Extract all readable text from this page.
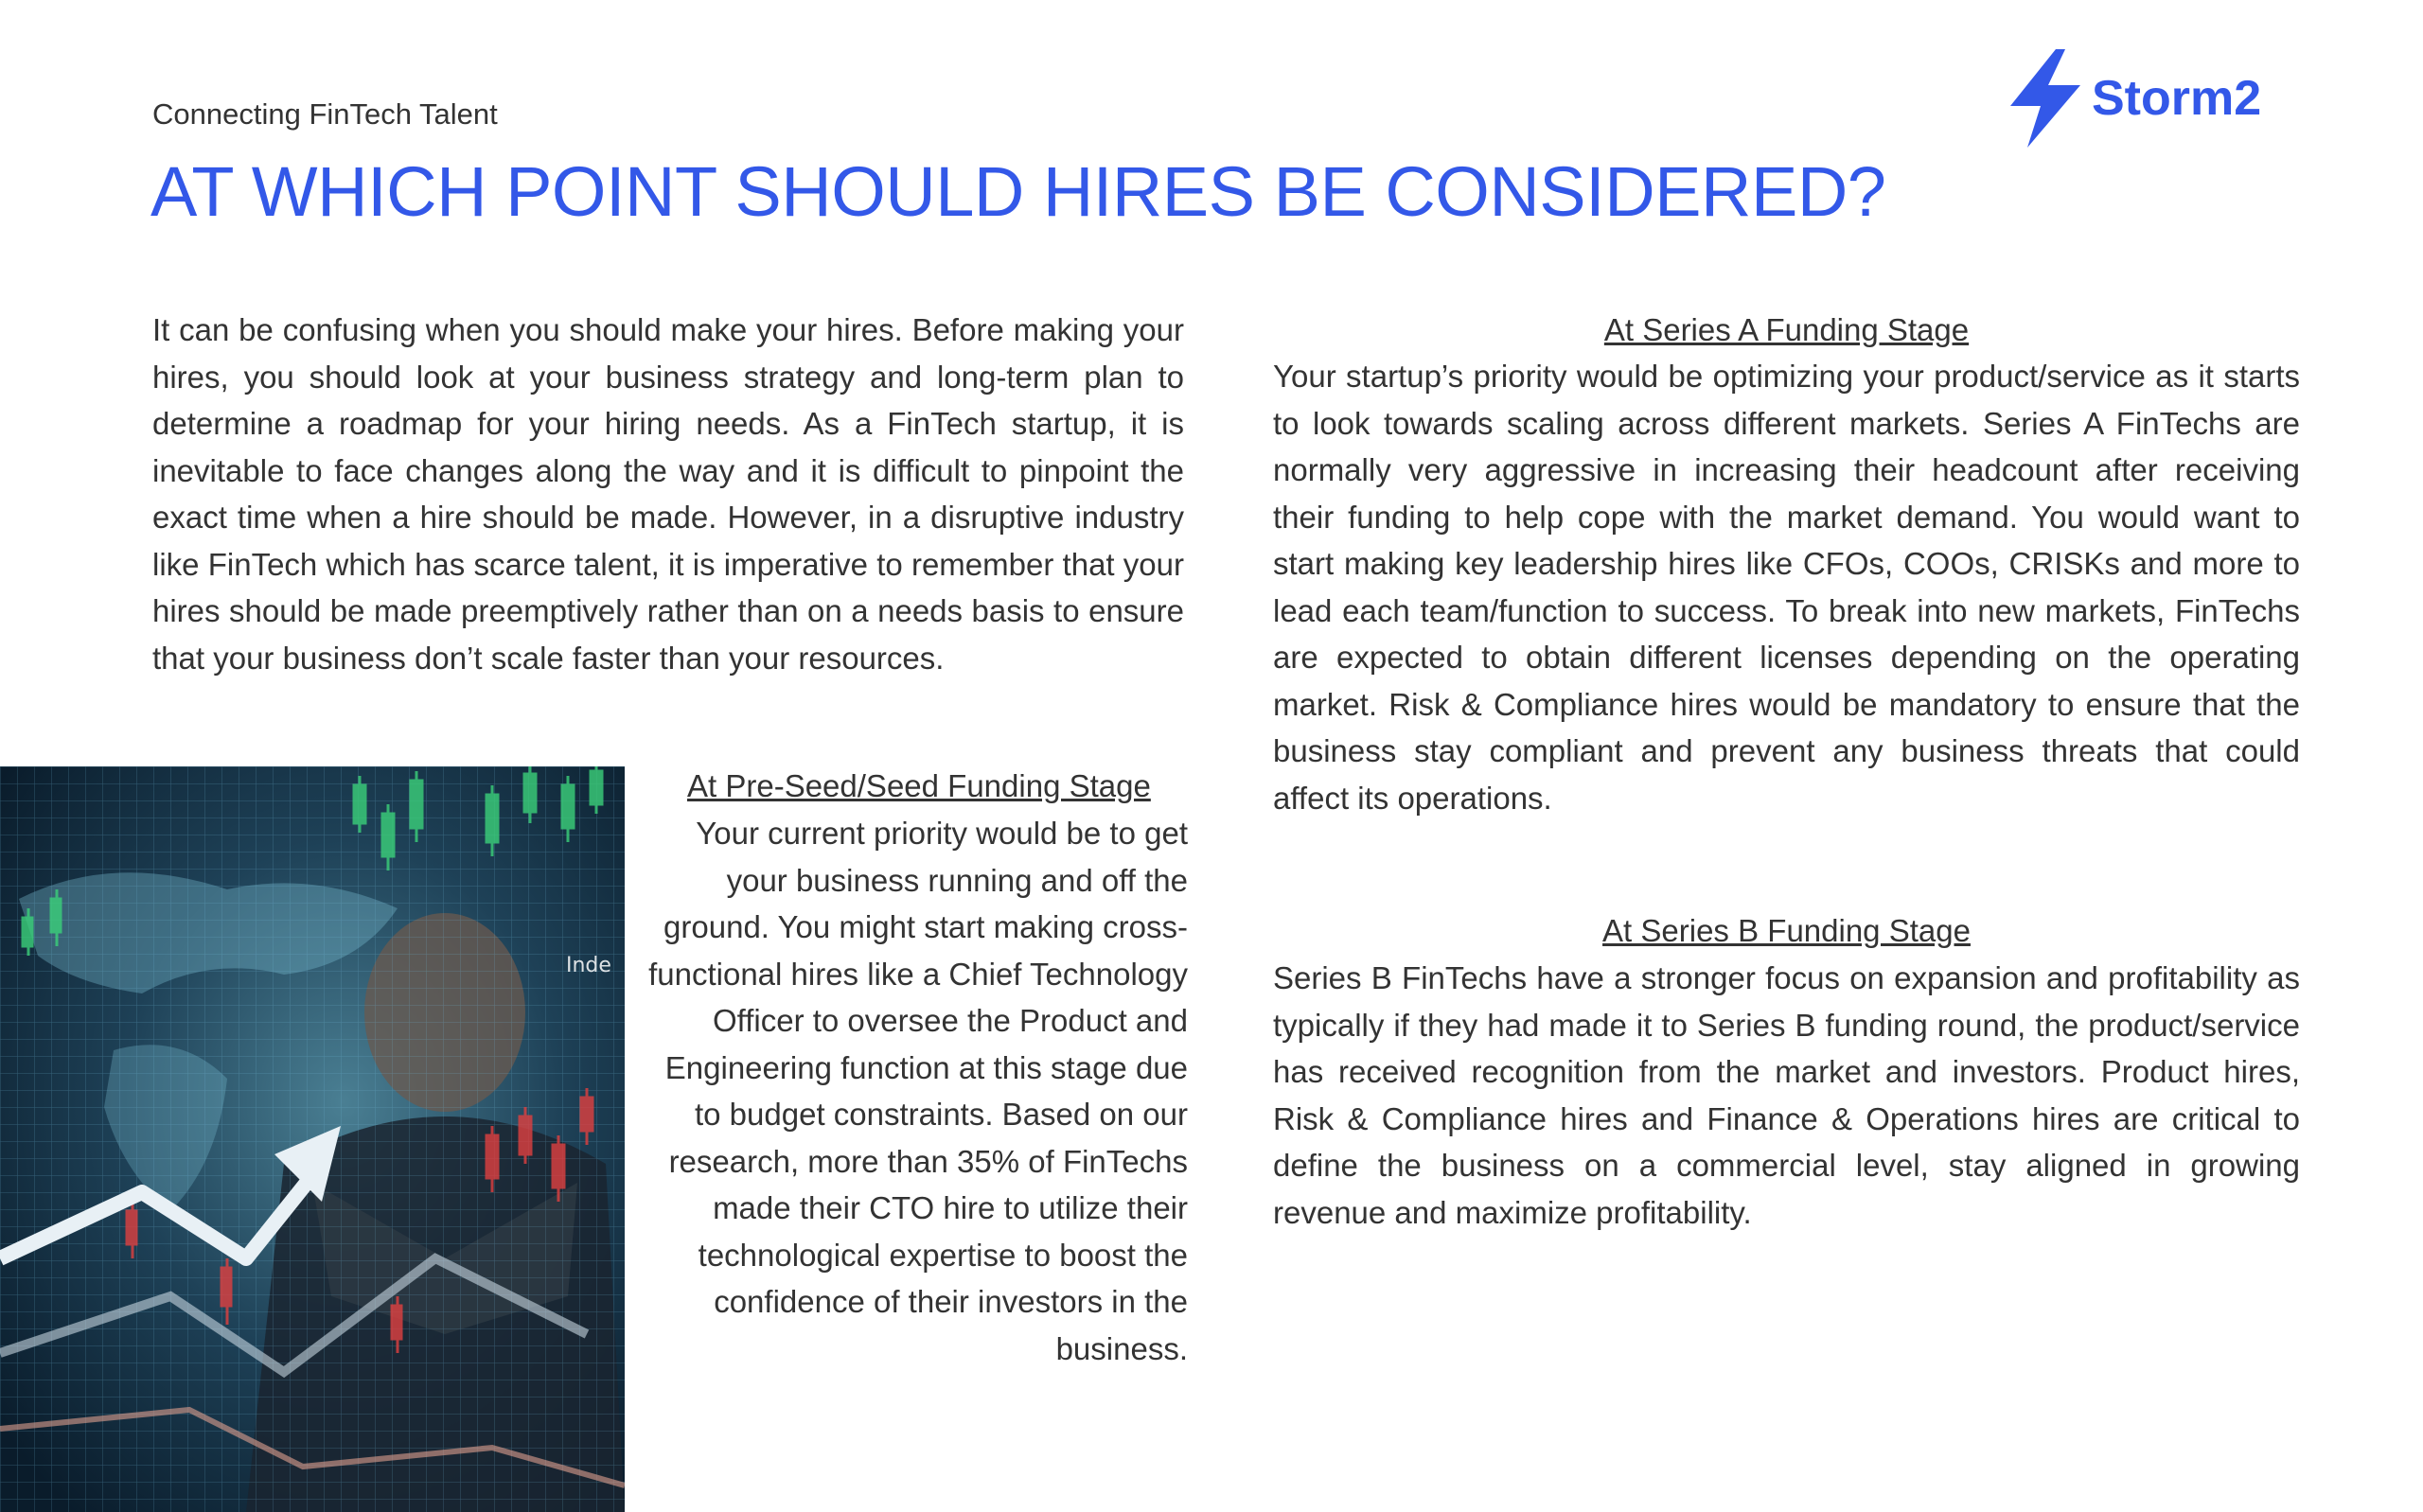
Connecting FinTech Talent
AT WHICH POINT SHOULD HIRES BE CONSIDERED?
Storm2

It can be confusing when you should make your hires. Before making your hires, you should look at your business strategy and long-term plan to determine a roadmap for your hiring needs. As a FinTech startup, it is inevitable to face changes along the way and it is difficult to pinpoint the exact time when a hire should be made. However, in a disruptive industry like FinTech which has scarce talent, it is imperative to remember that your hires should be made preemptively rather than on a needs basis to ensure that your business don’t scale faster than your resources.

Inde
At Pre-Seed/Seed Funding Stage

Your current priority would be to get your business running and off the ground. You might start making cross-functional hires like a Chief Technology Officer to oversee the Product and Engineering function at this stage due to budget constraints. Based on our research, more than 35% of FinTechs made their CTO hire to utilize their technological expertise to boost the confidence of their investors in the business.

At Series A Funding Stage

Your startup’s priority would be optimizing your product/service as it starts to look towards scaling across different markets. Series A FinTechs are normally very aggressive in increasing their headcount after receiving their funding to help cope with the market demand. You would want to start making key leadership hires like CFOs, COOs, CRISKs and more to lead each team/function to success. To break into new markets, FinTechs are expected to obtain different licenses depending on the operating market. Risk & Compliance hires would be mandatory to ensure that the business stay compliant and prevent any business threats that could affect its operations.

At Series B Funding Stage

Series B FinTechs have a stronger focus on expansion and profitability as typically if they had made it to Series B funding round, the product/service has received recognition from the market and investors. Product hires, Risk & Compliance hires and Finance & Operations hires are critical to define the business on a commercial level, stay aligned in growing revenue and maximize profitability.
